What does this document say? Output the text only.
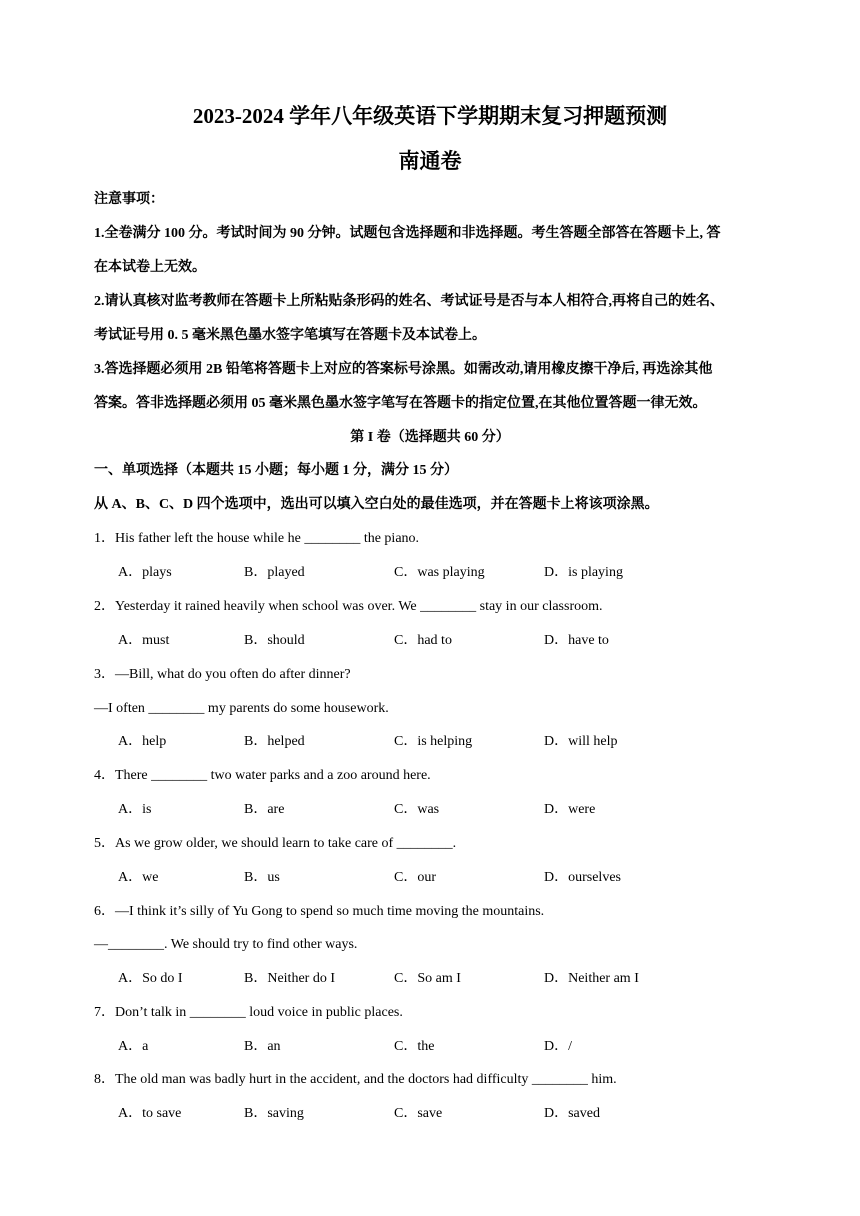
2023-2024 学年八年级英语下学期期末复习押题预测
南通卷
注意事项：
1.全卷满分 100 分。考试时间为 90 分钟。试题包含选择题和非选择题。考生答题全部答在答题卡上, 答
在本试卷上无效。
2.请认真核对监考教师在答题卡上所粘贴条形码的姓名、考试证号是否与本人相符合,再将自己的姓名、
考试证号用 0. 5 毫米黑色墨水签字笔填写在答题卡及本试卷上。
3.答选择题必须用 2B 铅笔将答题卡上对应的答案标号涂黑。如需改动,请用橡皮擦干净后, 再选涂其他
答案。答非选择题必须用 05 毫米黑色墨水签字笔写在答题卡的指定位置,在其他位置答题一律无效。
第 I 卷（选择题共 60 分）
一、单项选择（本题共 15 小题；每小题 1 分，满分 15 分）
从 A、B、C、D 四个选项中，选出可以填入空白处的最佳选项，并在答题卡上将该项涂黑。
1．His father left the house while he ________ the piano.
A．plays	B．played	C．was playing	D．is playing
2．Yesterday it rained heavily when school was over. We ________ stay in our classroom.
A．must	B．should	C．had to	D．have to
3．—Bill, what do you often do after dinner?
—I often ________ my parents do some housework.
A．help	B．helped	C．is helping	D．will help
4．There ________ two water parks and a zoo around here.
A．is	B．are	C．was	D．were
5．As we grow older, we should learn to take care of ________.
A．we	B．us	C．our	D．ourselves
6．—I think it’s silly of Yu Gong to spend so much time moving the mountains.
—________. We should try to find other ways.
A．So do I	B．Neither do I	C．So am I	D．Neither am I
7．Don’t talk in ________ loud voice in public places.
A．a	B．an	C．the	D．/
8．The old man was badly hurt in the accident, and the doctors had difficulty ________ him.
A．to save	B．saving	C．save	D．saved
